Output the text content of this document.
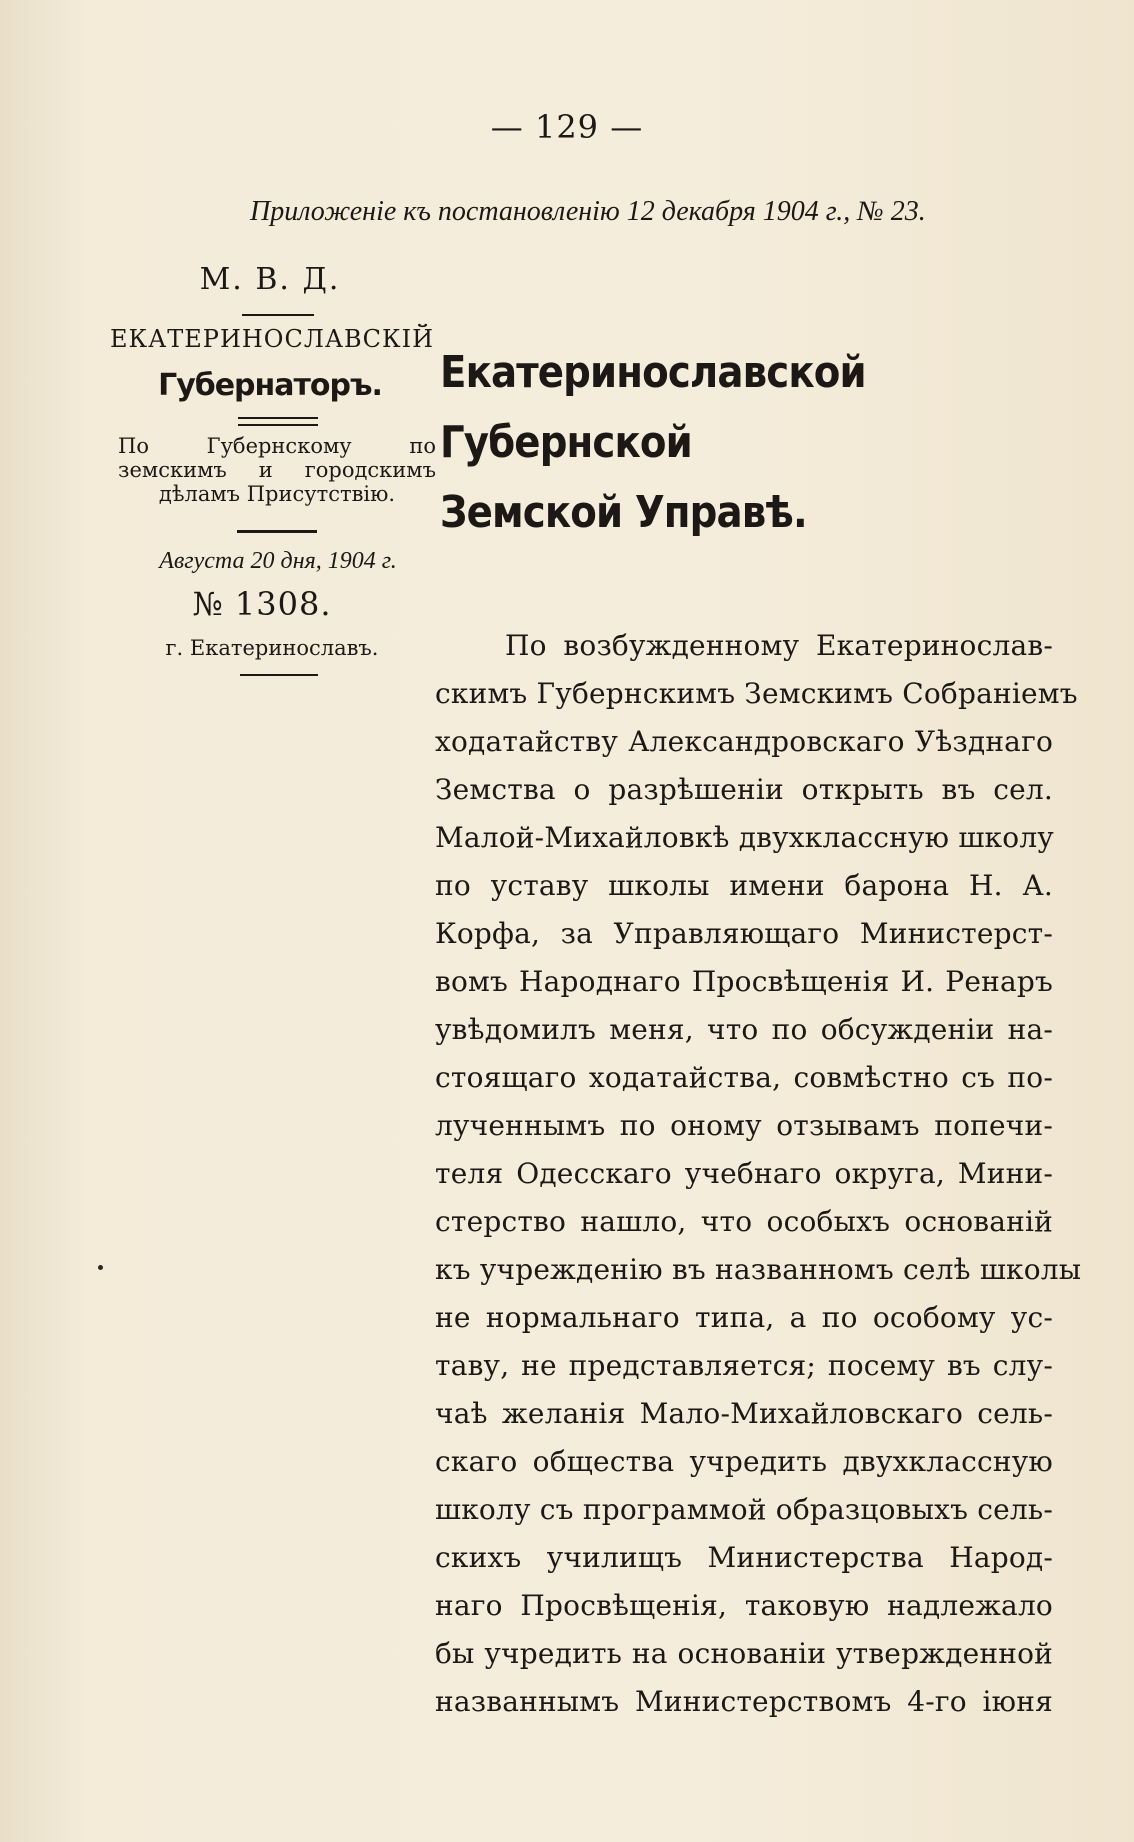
— 129 —
Приложеніе къ постановленію 12 декабря 1904 г., № 23.
М. В. Д.
ЕКАТЕРИНОСЛАВСКІЙ
Губернаторъ.
По Губернскому по земскимъ и городскимъ дѣламъ Присутствію.
Августа 20 дня, 1904 г.
№ 1308.
г. Екатеринославъ.
Екатеринославской Губернской
Земской Управѣ.
По возбужденному Екатеринослав-
скимъ Губернскимъ Земскимъ Собраніемъ
ходатайству Александровскаго Уѣзднаго
Земства о разрѣшеніи открыть въ сел.
Малой-Михайловкѣ двухклассную школу
по уставу школы имени барона Н. А.
Корфа, за Управляющаго Министерст-
вомъ Народнаго Просвѣщенія И. Ренаръ
увѣдомилъ меня, что по обсужденіи на-
стоящаго ходатайства, совмѣстно съ по-
лученнымъ по оному отзывамъ попечи-
теля Одесскаго учебнаго округа, Мини-
стерство нашло, что особыхъ основаній
къ учрежденію въ названномъ селѣ школы
не нормальнаго типа, а по особому ус-
таву, не представляется; посему въ слу-
чаѣ желанія Мало-Михайловскаго сель-
скаго общества учредить двухклассную
школу съ программой образцовыхъ сель-
скихъ училищъ Министерства Народ-
наго Просвѣщенія, таковую надлежало
бы учредить на основаніи утвержденной
названнымъ Министерствомъ 4-го іюня
